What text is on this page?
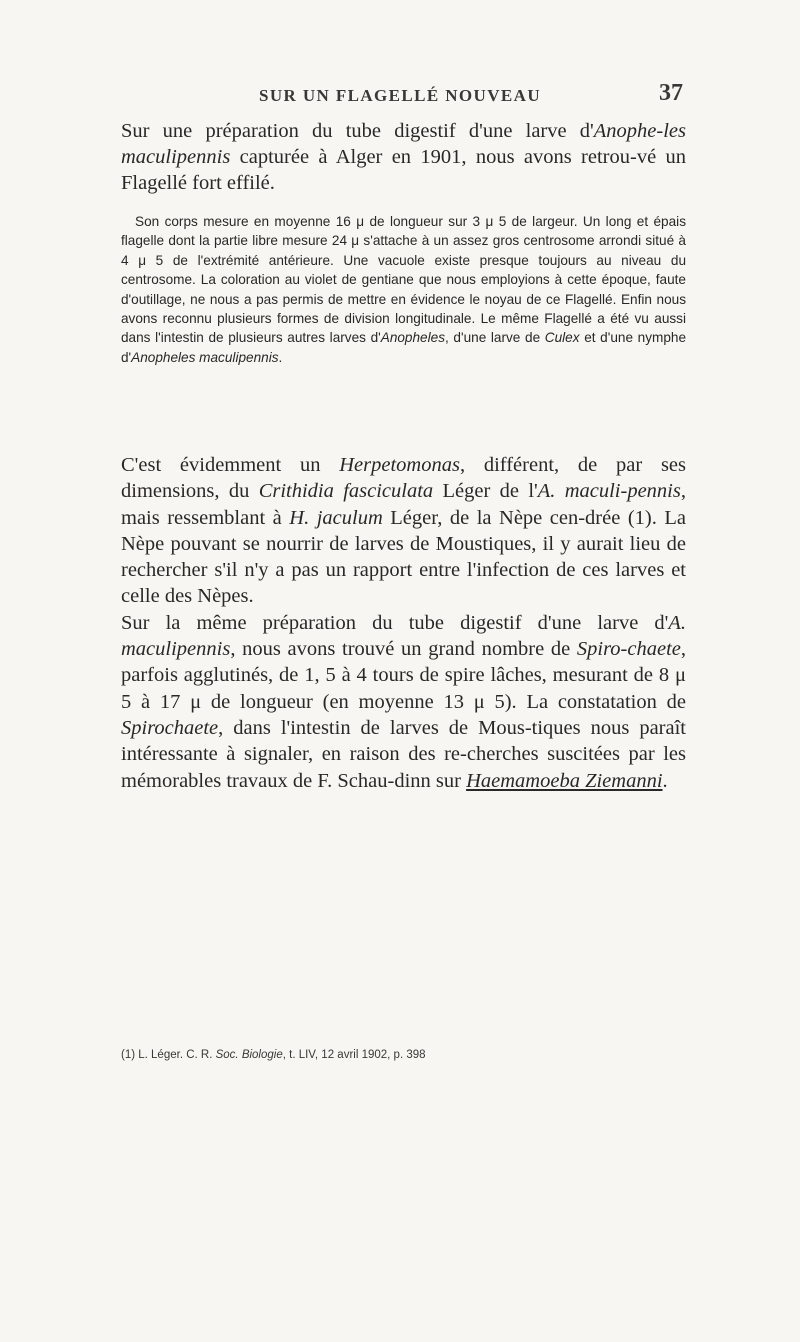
SUR UN FLAGELLÉ NOUVEAU	37
Sur une préparation du tube digestif d'une larve d'Anophe-les maculipennis capturée à Alger en 1901, nous avons retrou-vé un Flagellé fort effilé.
Son corps mesure en moyenne 16 μ de longueur sur 3 μ 5 de largeur. Un long et épais flagelle dont la partie libre mesure 24 μ s'attache à un assez gros centrosome arrondi situé à 4 μ 5 de l'extrémité antérieure. Une vacuole existe presque toujours au niveau du centrosome. La coloration au violet de gentiane que nous employions à cette époque, faute d'outillage, ne nous a pas permis de mettre en évidence le noyau de ce Flagellé. Enfin nous avons reconnu plusieurs formes de division longitudinale. Le même Flagellé a été vu aussi dans l'intestin de plusieurs autres larves d'Anopheles, d'une larve de Culex et d'une nymphe d'Anopheles maculipennis.
C'est évidemment un Herpetomonas, différent, de par ses dimensions, du Crithidia fasciculata Léger de l'A. maculi-pennis, mais ressemblant à H. jaculum Léger, de la Nèpe cen-drée (1). La Nèpe pouvant se nourrir de larves de Moustiques, il y aurait lieu de rechercher s'il n'y a pas un rapport entre l'infection de ces larves et celle des Nèpes.
Sur la même préparation du tube digestif d'une larve d'A. maculipennis, nous avons trouvé un grand nombre de Spiro-chaete, parfois agglutinés, de 1, 5 à 4 tours de spire lâches, mesurant de 8 μ 5 à 17 μ de longueur (en moyenne 13 μ 5). La constatation de Spirochaete, dans l'intestin de larves de Mous-tiques nous paraît intéressante à signaler, en raison des re-cherches suscitées par les mémorables travaux de F. Schau-dinn sur Haemamoeba Ziemanni.
(1) L. Léger. C. R. Soc. Biologie, t. LIV, 12 avril 1902, p. 398
